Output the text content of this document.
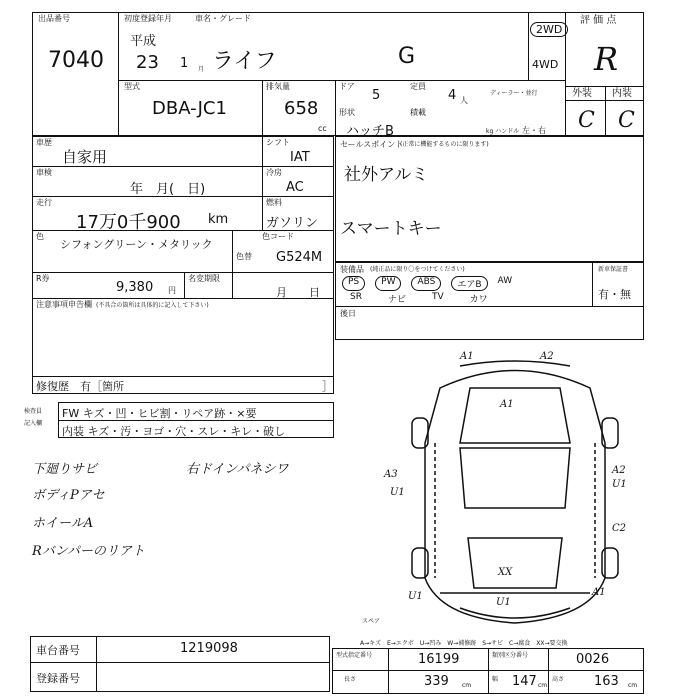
出品番号
7040
初度登録年月	車名・グレード
平成
23 1 月 ライフ	G
2WD
4WD
評 価 点
R
外装 内装
C C
型式
DBA-JC1
排気量
658
cc
ドア
5
定員
4 人
ディーラー・並行
形状
ハッチB
積載
kg ハンドル 左・右
車歴
自家用
車検
年　月(　日)
走行
17万0千900 km
シフト
IAT
冷房
AC
燃料
ガソリン
色
シフォングリーン・メタリック
色コード
色替 G524M
R券
9,380 円
名変期限
月　　日
注意事項申告欄 (不具合の箇所は具体的に記入して下さい)
修復歴 有［箇所	］
セールスポイント
(正常に機能するものに限ります)
社外アルミ
スマートキー
装備品 (純正品に限り〇をつけてください)
PS	PW	ABS	エアB	AW
SR	ナビ	TV	カワ
新車保証書
有・無
後日
検査員
記入欄
FW キズ・凹・ヒビ割・リペア跡・×要
内装 キズ・汚・ヨゴ・穴・スレ・キレ・破し
下廻りサビ	右ドインパネシワ
ボディPアセ
ホイールA
Rバンパーのリアト
A1
A2
A3
U1
U1	A1
A2
U1
C2
XX
A1
U1
スペア
A→キズ　E→エクボ　U→凹み　W→補修跡　S→サビ　C→腐食　XX→要交換
車台番号	1219098
登録番号
型式指定番号	16199	類別区分番号	0026
長さ	339 cm
幅 147 cm
高さ 163 cm
